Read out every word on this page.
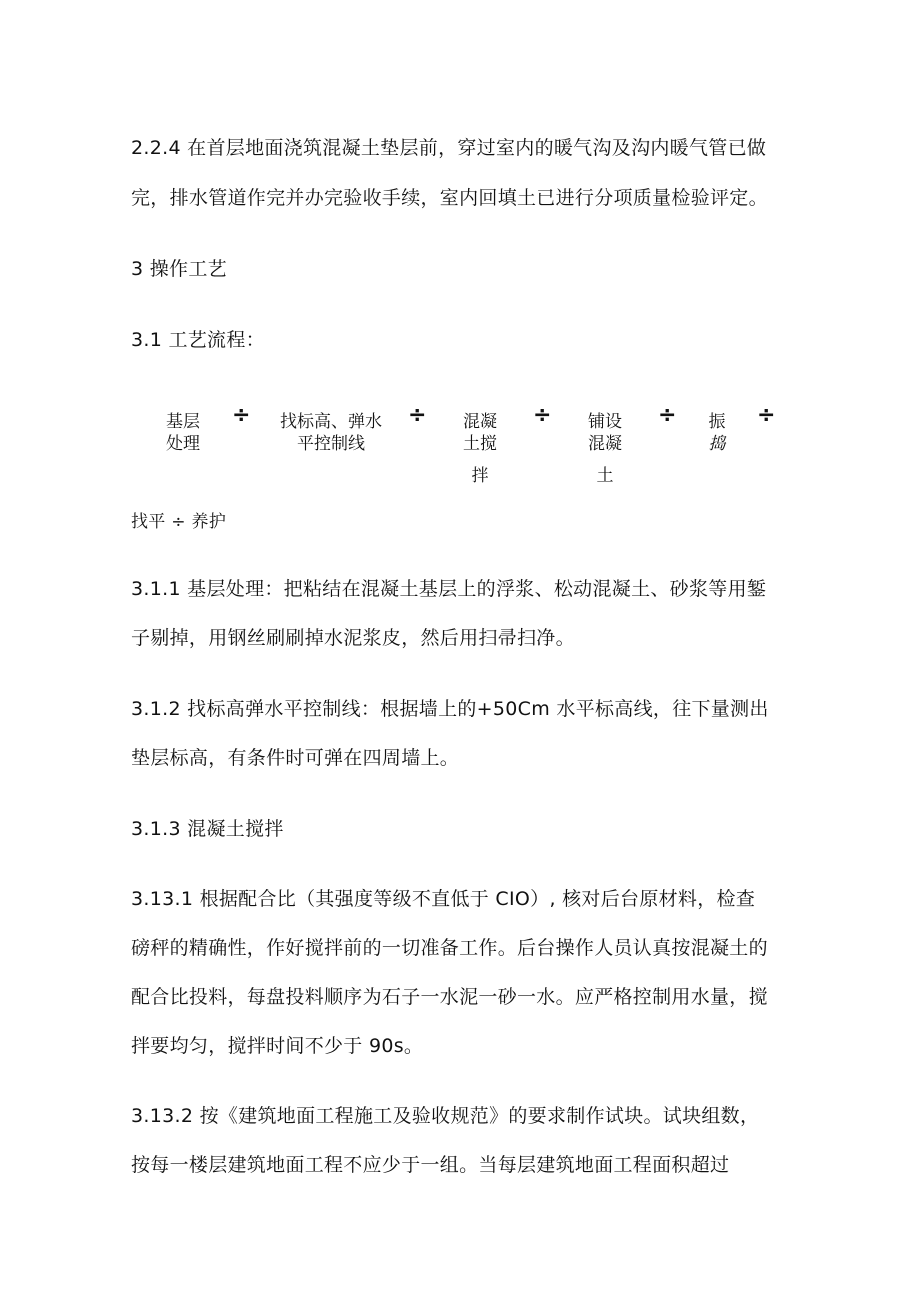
2.2.4 在首层地面浇筑混凝土垫层前，穿过室内的暖气沟及沟内暖气管已做
完，排水管道作完并办完验收手续，室内回填土已进行分项质量检验评定。
3 操作工艺
3.1 工艺流程：
基层
处理
÷	找标高、弹水
平控制线
÷	混凝
土搅
拌
÷	铺设
混凝
土
÷	振
捣
÷
找平 ÷ 养护
3.1.1 基层处理：把粘结在混凝土基层上的浮浆、松动混凝土、砂浆等用錾
子剔掉，用钢丝刷刷掉水泥浆皮，然后用扫帚扫净。
3.1.2 找标高弹水平控制线：根据墙上的+50Cm 水平标高线，往下量测出
垫层标高，有条件时可弹在四周墙上。
3.1.3 混凝土搅拌
3.13.1 根据配合比（其强度等级不直低于 CIO）, 核对后台原材料，检查
磅秤的精确性，作好搅拌前的一切准备工作。后台操作人员认真按混凝土的
配合比投料，每盘投料顺序为石子一水泥一砂一水。应严格控制用水量，搅
拌要均匀，搅拌时间不少于 90s。
3.13.2 按《建筑地面工程施工及验收规范》的要求制作试块。试块组数，
按每一楼层建筑地面工程不应少于一组。当每层建筑地面工程面积超过
